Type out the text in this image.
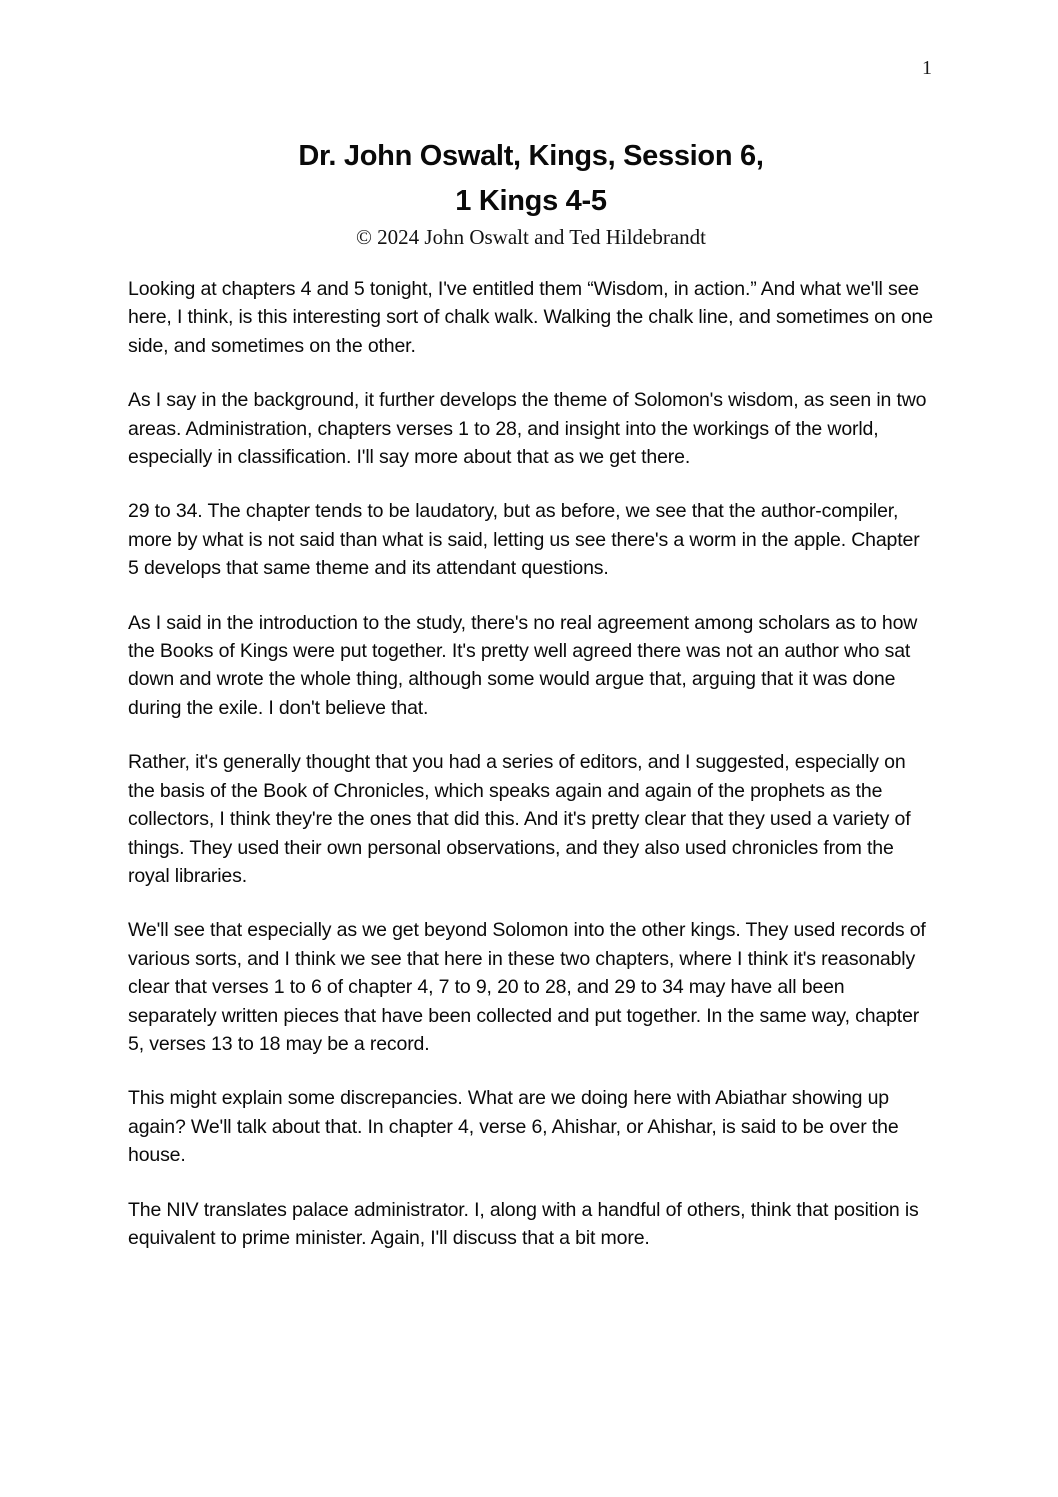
1
Dr. John Oswalt, Kings, Session 6,
1 Kings 4-5
© 2024 John Oswalt and Ted Hildebrandt

Looking at chapters 4 and 5 tonight, I've entitled them “Wisdom, in action.” And what we'll see here, I think, is this interesting sort of chalk walk. Walking the chalk line, and sometimes on one side, and sometimes on the other.

As I say in the background, it further develops the theme of Solomon's wisdom, as seen in two areas. Administration, chapters verses 1 to 28, and insight into the workings of the world, especially in classification. I'll say more about that as we get there.

29 to 34. The chapter tends to be laudatory, but as before, we see that the author-compiler, more by what is not said than what is said, letting us see there's a worm in the apple. Chapter 5 develops that same theme and its attendant questions.

As I said in the introduction to the study, there's no real agreement among scholars as to how the Books of Kings were put together. It's pretty well agreed there was not an author who sat down and wrote the whole thing, although some would argue that, arguing that it was done during the exile. I don't believe that.

Rather, it's generally thought that you had a series of editors, and I suggested, especially on the basis of the Book of Chronicles, which speaks again and again of the prophets as the collectors, I think they're the ones that did this. And it's pretty clear that they used a variety of things. They used their own personal observations, and they also used chronicles from the royal libraries.

We'll see that especially as we get beyond Solomon into the other kings. They used records of various sorts, and I think we see that here in these two chapters, where I think it's reasonably clear that verses 1 to 6 of chapter 4, 7 to 9, 20 to 28, and 29 to 34 may have all been separately written pieces that have been collected and put together. In the same way, chapter 5, verses 13 to 18 may be a record.

This might explain some discrepancies. What are we doing here with Abiathar showing up again? We'll talk about that. In chapter 4, verse 6, Ahishar, or Ahishar, is said to be over the house.

The NIV translates palace administrator. I, along with a handful of others, think that position is equivalent to prime minister. Again, I'll discuss that a bit more.
